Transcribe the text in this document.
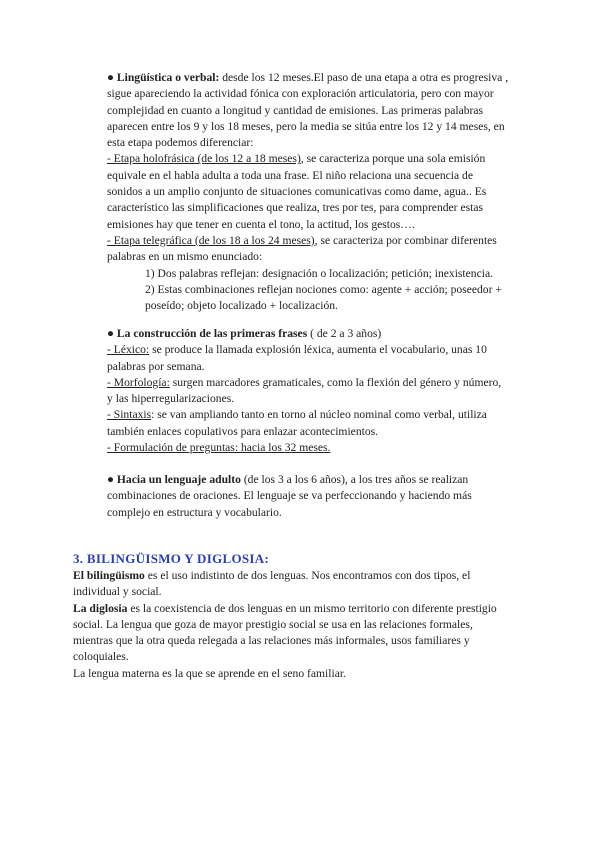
● Lingüística o verbal: desde los 12 meses.El paso de una etapa a otra es progresiva ,
sigue apareciendo la actividad fónica con exploración articulatoria, pero con mayor
complejidad en cuanto a longitud y cantidad de emisiones. Las primeras palabras
aparecen entre los 9 y los 18 meses, pero la media se sitúa entre los 12 y 14 meses, en
esta etapa podemos diferenciar:
- Etapa holofrásica (de los 12 a 18 meses), se caracteriza porque una sola emisión
equivale en el habla adulta a toda una frase. El niño relaciona una secuencia de
sonidos a un amplio conjunto de situaciones comunicativas como dame, agua.. Es
característico las simplificaciones que realiza, tres por tes, para comprender estas
emisiones hay que tener en cuenta el tono, la actitud, los gestos….
- Etapa telegráfica (de los 18 a los 24 meses), se caracteriza por combinar diferentes
palabras en un mismo enunciado:
1) Dos palabras reflejan: designación o localización; petición; inexistencia.
2) Estas combinaciones reflejan nociones como: agente + acción; poseedor +
poseído; objeto localizado + localización.
● La construcción de las primeras frases ( de 2 a 3 años)
- Léxico: se produce la llamada explosión léxica, aumenta el vocabulario, unas 10
palabras por semana.
- Morfología: surgen marcadores gramaticales, como la flexión del género y número,
y las hiperregularizaciones.
- Sintaxis: se van ampliando tanto en torno al núcleo nominal como verbal, utiliza
también enlaces copulativos para enlazar acontecimientos.
- Formulación de preguntas: hacia los 32 meses.
● Hacia un lenguaje adulto (de los 3 a los 6 años), a los tres años se realizan
combinaciones de oraciones. El lenguaje se va perfeccionando y haciendo más
complejo en estructura y vocabulario.
3. BILINGÜISMO Y DIGLOSIA:
El bilingüismo es el uso indistinto de dos lenguas. Nos encontramos con dos tipos, el
individual y social.
La diglosia es la coexistencia de dos lenguas en un mismo territorio con diferente prestigio
social. La lengua que goza de mayor prestigio social se usa en las relaciones formales,
mientras que la otra queda relegada a las relaciones más informales, usos familiares y
coloquiales.
La lengua materna es la que se aprende en el seno familiar.
